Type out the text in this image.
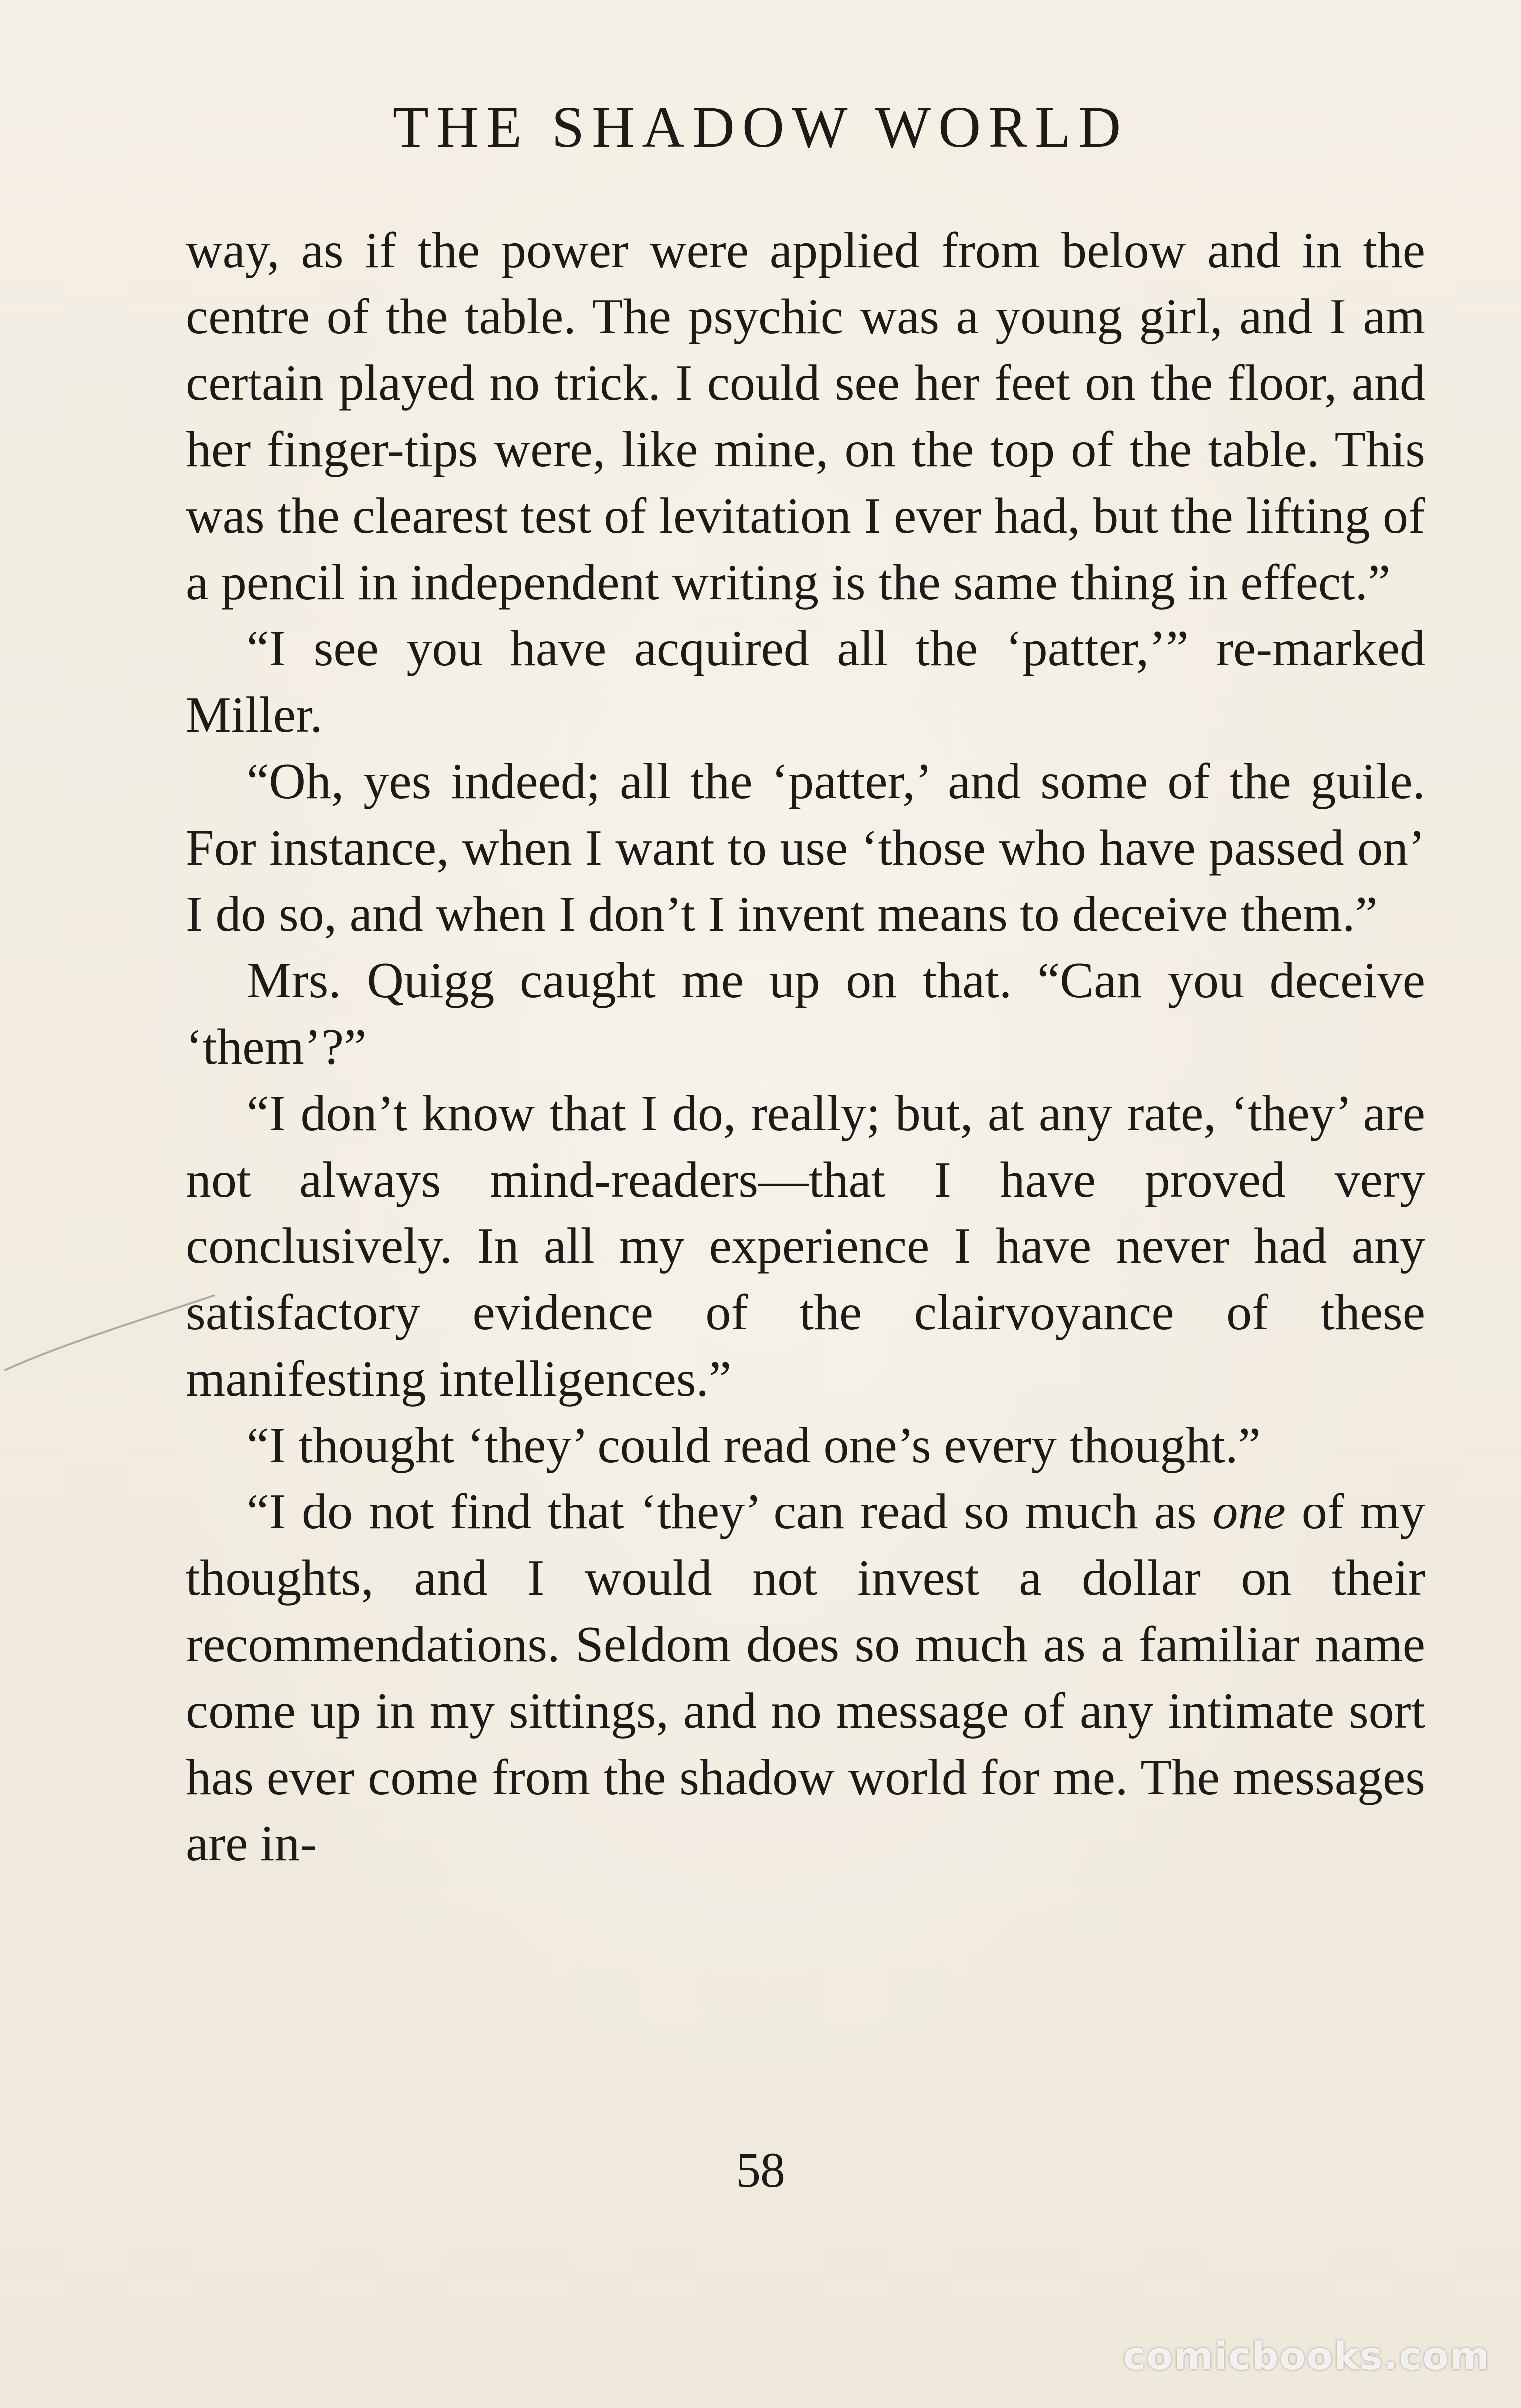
THE SHADOW WORLD

way, as if the power were applied from below and in the centre of the table. The psychic was a young girl, and I am certain played no trick. I could see her feet on the floor, and her finger-tips were, like mine, on the top of the table. This was the clearest test of levitation I ever had, but the lifting of a pencil in independent writing is the same thing in effect.”

“I see you have acquired all the ‘patter,’” re-marked Miller.

“Oh, yes indeed; all the ‘patter,’ and some of the guile. For instance, when I want to use ‘those who have passed on’ I do so, and when I don’t I invent means to deceive them.”

Mrs. Quigg caught me up on that. “Can you deceive ‘them’?”

“I don’t know that I do, really; but, at any rate, ‘they’ are not always mind-readers—that I have proved very conclusively. In all my experience I have never had any satisfactory evidence of the clairvoyance of these manifesting intelligences.”

“I thought ‘they’ could read one’s every thought.”

“I do not find that ‘they’ can read so much as one of my thoughts, and I would not invest a dollar on their recommendations. Seldom does so much as a familiar name come up in my sittings, and no message of any intimate sort has ever come from the shadow world for me. The messages are in-

58
comicbooks.com
